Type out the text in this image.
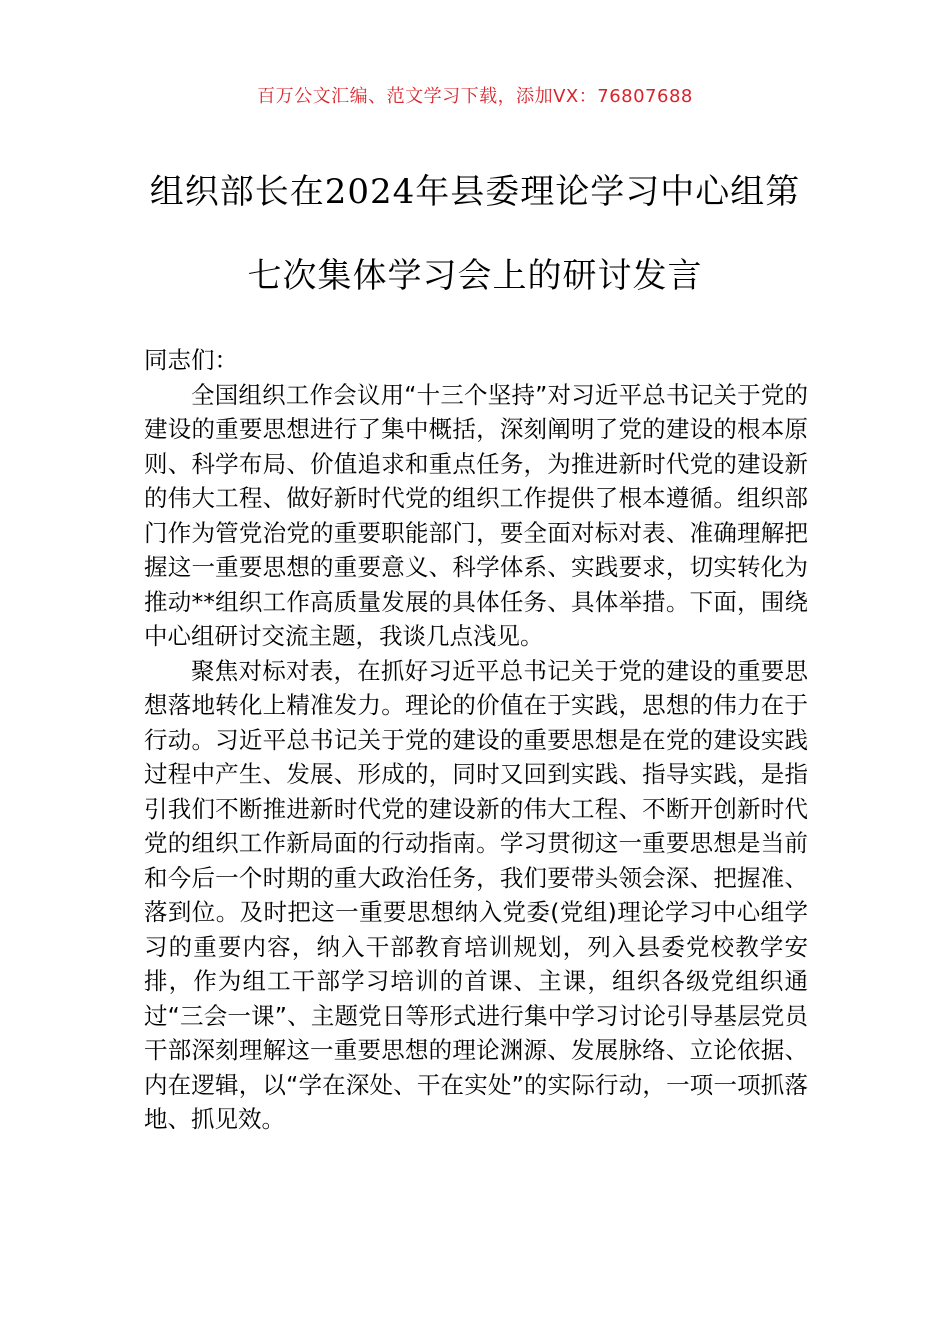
百万公文汇编、范文学习下载，添加VX：76807688
组织部长在2024年县委理论学习中心组第
七次集体学习会上的研讨发言

同志们：

全国组织工作会议用“十三个坚持”对习近平总书记关于党的建设的重要思想进行了集中概括，深刻阐明了党的建设的根本原则、科学布局、价值追求和重点任务，为推进新时代党的建设新的伟大工程、做好新时代党的组织工作提供了根本遵循。组织部门作为管党治党的重要职能部门，要全面对标对表、准确理解把握这一重要思想的重要意义、科学体系、实践要求，切实转化为推动**组织工作高质量发展的具体任务、具体举措。下面，围绕中心组研讨交流主题，我谈几点浅见。

聚焦对标对表，在抓好习近平总书记关于党的建设的重要思想落地转化上精准发力。理论的价值在于实践，思想的伟力在于行动。习近平总书记关于党的建设的重要思想是在党的建设实践过程中产生、发展、形成的，同时又回到实践、指导实践，是指引我们不断推进新时代党的建设新的伟大工程、不断开创新时代党的组织工作新局面的行动指南。学习贯彻这一重要思想是当前和今后一个时期的重大政治任务，我们要带头领会深、把握准、落到位。及时把这一重要思想纳入党委(党组)理论学习中心组学习的重要内容，纳入干部教育培训规划，列入县委党校教学安排，作为组工干部学习培训的首课、主课，组织各级党组织通过“三会一课”、主题党日等形式进行集中学习讨论引导基层党员干部深刻理解这一重要思想的理论渊源、发展脉络、立论依据、内在逻辑，以“学在深处、干在实处”的实际行动，一项一项抓落地、抓见效。
